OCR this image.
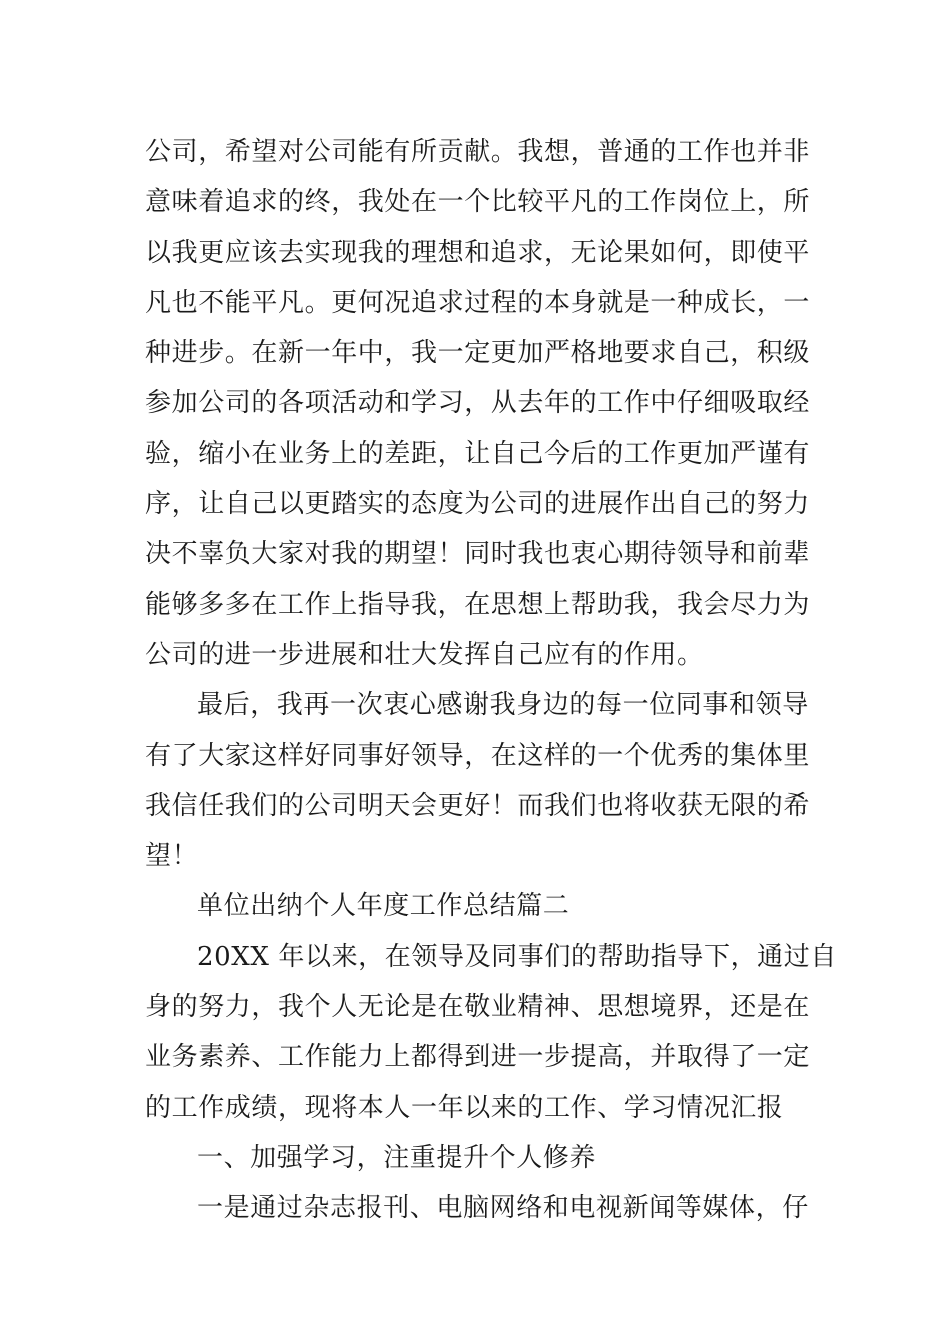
公司，希望对公司能有所贡献。我想，普通的工作也并非
意味着追求的终，我处在一个比较平凡的工作岗位上，所
以我更应该去实现我的理想和追求，无论果如何，即使平
凡也不能平凡。更何况追求过程的本身就是一种成长，一
种进步。在新一年中，我一定更加严格地要求自己，积级
参加公司的各项活动和学习，从去年的工作中仔细吸取经
验，缩小在业务上的差距，让自己今后的工作更加严谨有
序，让自己以更踏实的态度为公司的进展作出自己的努力
决不辜负大家对我的期望！同时我也衷心期待领导和前辈
能够多多在工作上指导我，在思想上帮助我，我会尽力为
公司的进一步进展和壮大发挥自己应有的作用。
最后，我再一次衷心感谢我身边的每一位同事和领导
有了大家这样好同事好领导，在这样的一个优秀的集体里
我信任我们的公司明天会更好！而我们也将收获无限的希
望！
单位出纳个人年度工作总结篇二
20XX 年以来，在领导及同事们的帮助指导下，通过自
身的努力，我个人无论是在敬业精神、思想境界，还是在
业务素养、工作能力上都得到进一步提高，并取得了一定
的工作成绩，现将本人一年以来的工作、学习情况汇报
一、加强学习，注重提升个人修养
一是通过杂志报刊、电脑网络和电视新闻等媒体，仔
